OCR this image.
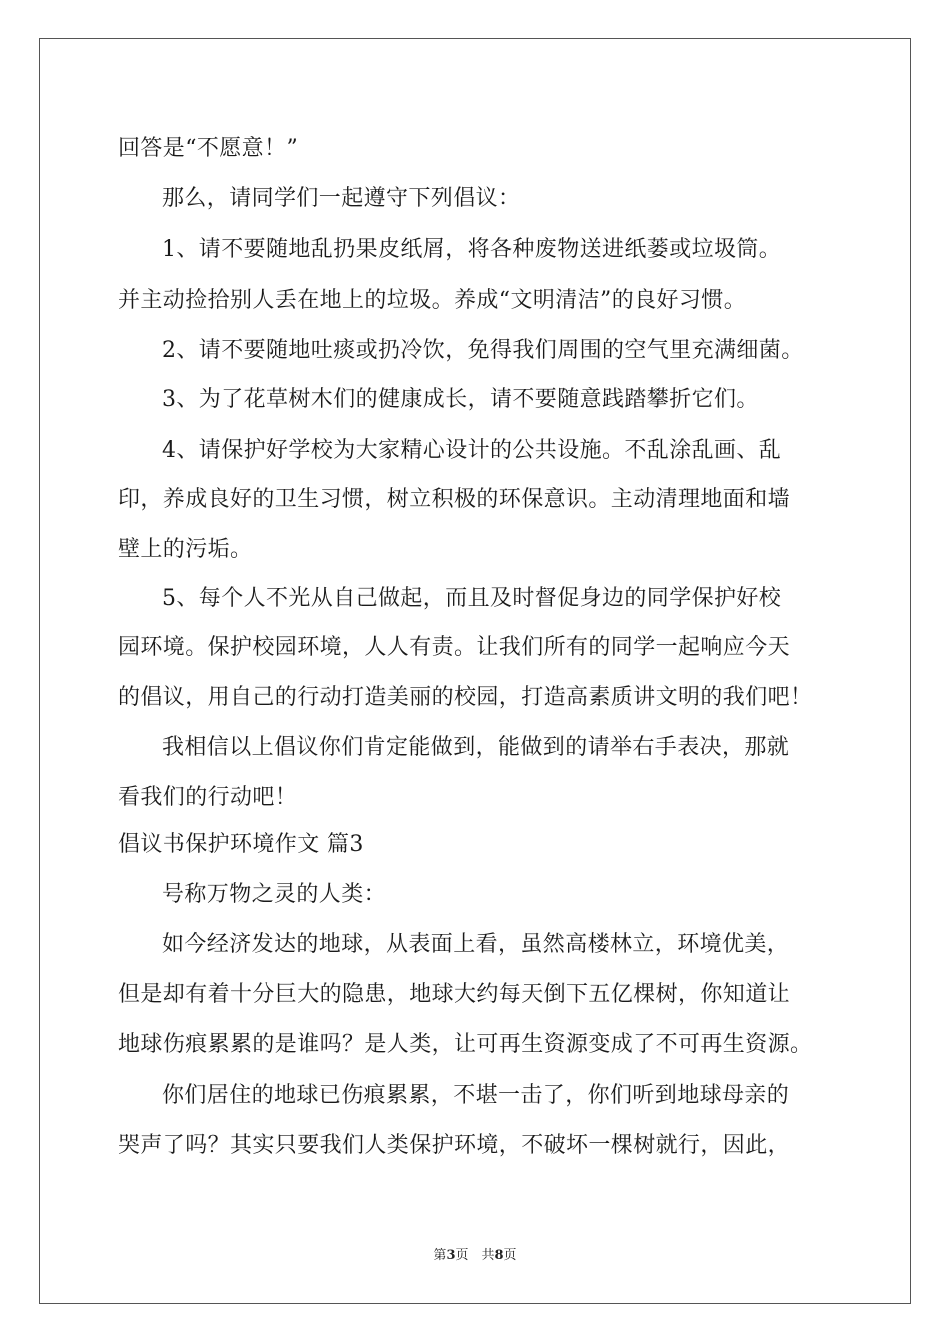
回答是“不愿意！”
那么，请同学们一起遵守下列倡议：
1、请不要随地乱扔果皮纸屑，将各种废物送进纸蒌或垃圾筒。
并主动捡拾别人丢在地上的垃圾。养成“文明清洁”的良好习惯。
2、请不要随地吐痰或扔冷饮，免得我们周围的空气里充满细菌。
3、为了花草树木们的健康成长，请不要随意践踏攀折它们。
4、请保护好学校为大家精心设计的公共设施。不乱涂乱画、乱
印，养成良好的卫生习惯，树立积极的环保意识。主动清理地面和墙
壁上的污垢。
5、每个人不光从自己做起，而且及时督促身边的同学保护好校
园环境。保护校园环境，人人有责。让我们所有的同学一起响应今天
的倡议，用自己的行动打造美丽的校园，打造高素质讲文明的我们吧！
我相信以上倡议你们肯定能做到，能做到的请举右手表决，那就
看我们的行动吧！
倡议书保护环境作文 篇3
号称万物之灵的人类：
如今经济发达的地球，从表面上看，虽然高楼林立，环境优美，
但是却有着十分巨大的隐患，地球大约每天倒下五亿棵树，你知道让
地球伤痕累累的是谁吗？是人类，让可再生资源变成了不可再生资源。
你们居住的地球已伤痕累累，不堪一击了，你们听到地球母亲的
哭声了吗？其实只要我们人类保护环境，不破坏一棵树就行，因此，
第3页　共8页
